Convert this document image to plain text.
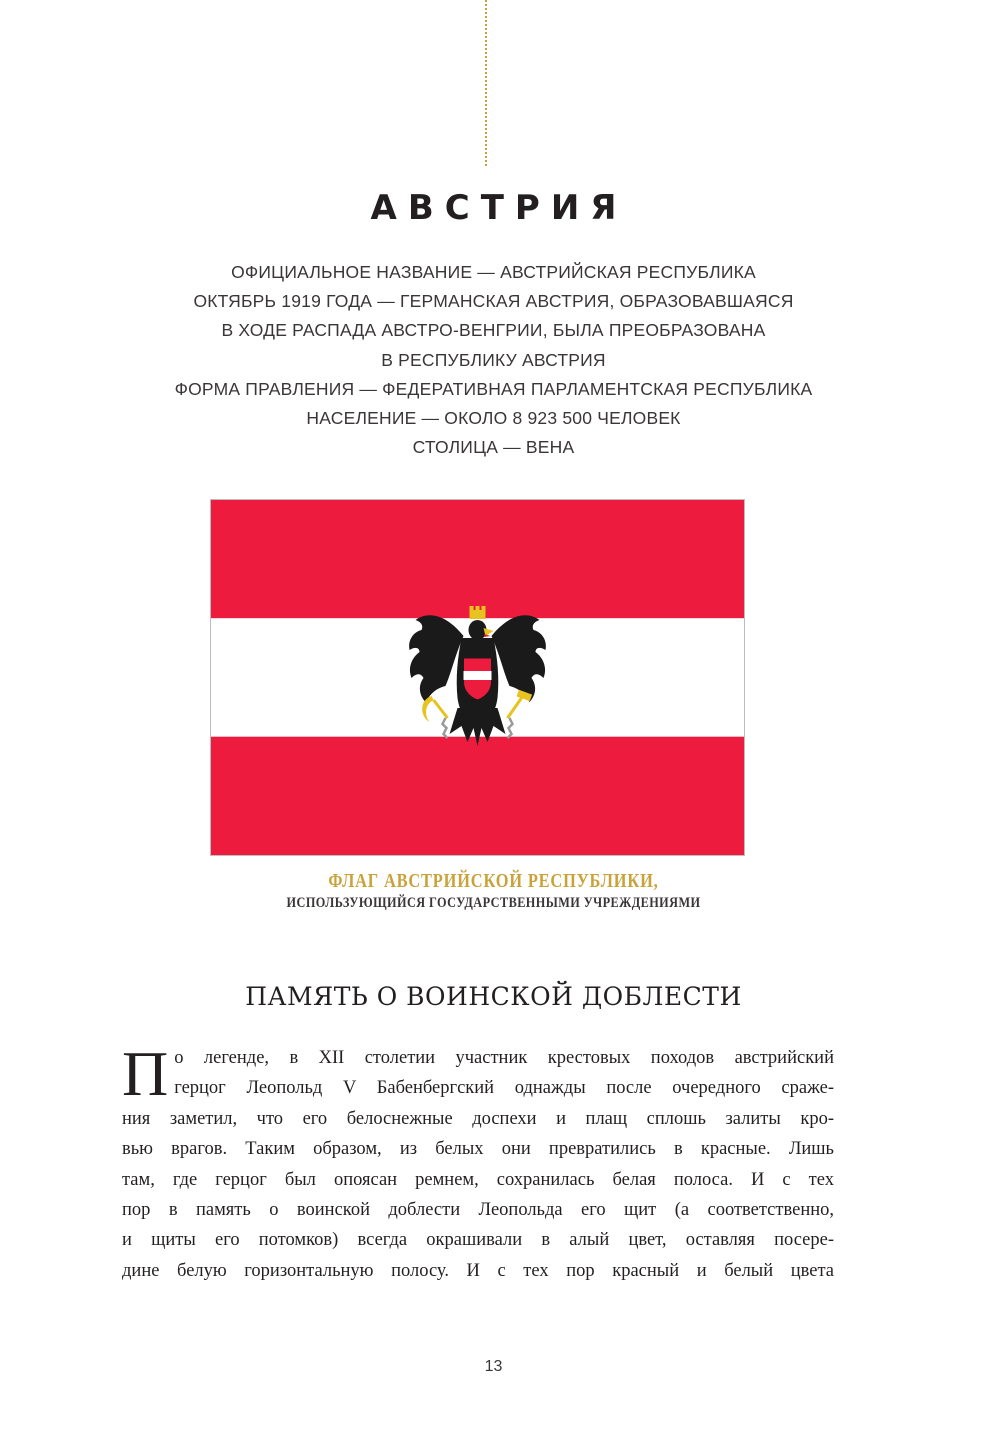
АВСТРИЯ
ОФИЦИАЛЬНОЕ НАЗВАНИЕ — АВСТРИЙСКАЯ РЕСПУБЛИКА
ОКТЯБРЬ 1919 ГОДА — ГЕРМАНСКАЯ АВСТРИЯ, ОБРАЗОВАВШАЯСЯ
В ХОДЕ РАСПАДА АВСТРО-ВЕНГРИИ, БЫЛА ПРЕОБРАЗОВАНА
В РЕСПУБЛИКУ АВСТРИЯ
ФОРМА ПРАВЛЕНИЯ — ФЕДЕРАТИВНАЯ ПАРЛАМЕНТСКАЯ РЕСПУБЛИКА
НАСЕЛЕНИЕ — ОКОЛО 8 923 500 ЧЕЛОВЕК
СТОЛИЦА — ВЕНА
ФЛАГ АВСТРИЙСКОЙ РЕСПУБЛИКИ,
ИСПОЛЬЗУЮЩИЙСЯ ГОСУДАРСТВЕННЫМИ УЧРЕЖДЕНИЯМИ
ПАМЯТЬ О ВОИНСКОЙ ДОБЛЕСТИ
П о легенде, в XII столетии участник крестовых походов австрийский
герцог Леопольд V Бабенбергский однажды после очередного сраже-
ния заметил, что его белоснежные доспехи и плащ сплошь залиты кро-
вью врагов. Таким образом, из белых они превратились в красные. Лишь
там, где герцог был опоясан ремнем, сохранилась белая полоса. И с тех
пор в память о воинской доблести Леопольда его щит (а соответственно,
и щиты его потомков) всегда окрашивали в алый цвет, оставляя посере-
дине белую горизонтальную полосу. И с тех пор красный и белый цвета
13
